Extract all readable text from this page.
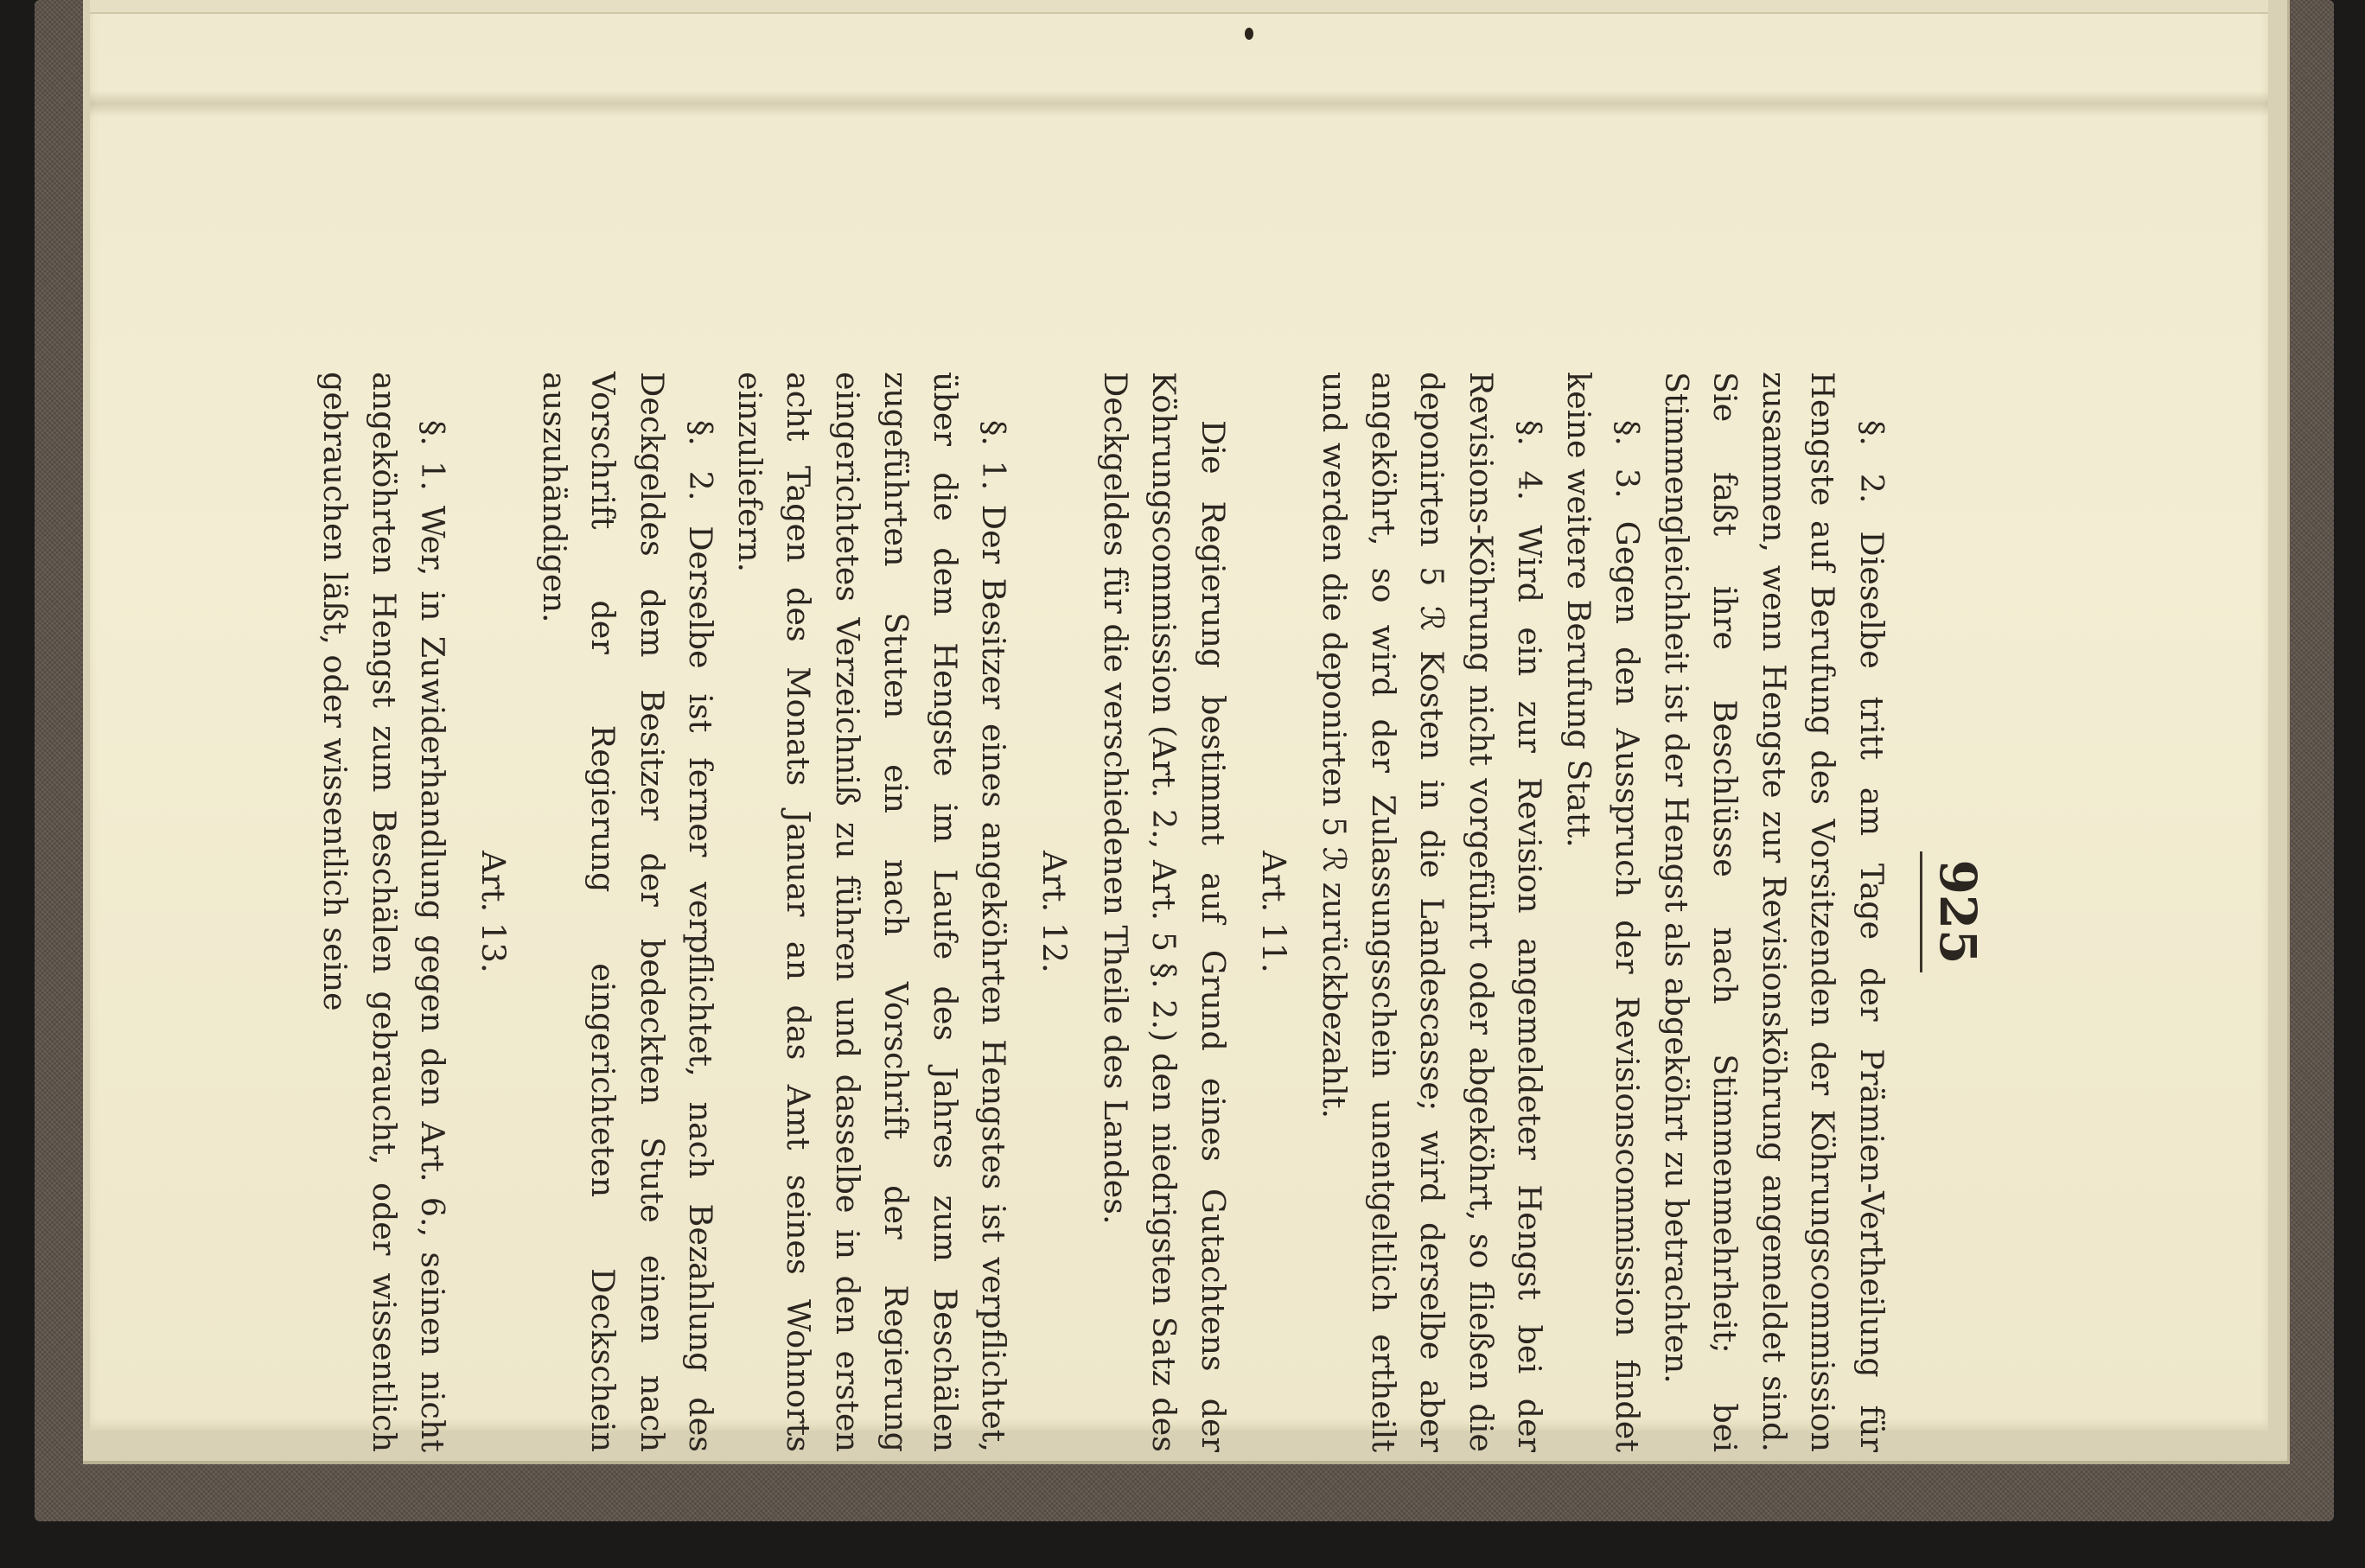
925

§. 2. Dieselbe tritt am Tage der Prämien-Vertheilung für Hengste auf Berufung des Vorsitzenden der Köhrungscommission zusammen, wenn Hengste zur Revisionsköhrung angemeldet sind. Sie faßt ihre Beschlüsse nach Stimmenmehrheit; bei Stimmengleichheit ist der Hengst als abgeköhrt zu betrachten.

§. 3. Gegen den Ausspruch der Revisionscommission findet keine weitere Berufung Statt.

§. 4. Wird ein zur Revision angemeldeter Hengst bei der Revisions-Köhrung nicht vorgeführt oder abgeköhrt, so fließen die deponirten 5 ℛ Kosten in die Landescasse; wird derselbe aber angeköhrt, so wird der Zulassungsschein unentgeltlich ertheilt und werden die deponirten 5 ℛ zurückbezahlt.

Art. 11.

Die Regierung bestimmt auf Grund eines Gutachtens der Köhrungscommission (Art. 2., Art. 5 §. 2.) den niedrigsten Satz des Deckgeldes für die verschiedenen Theile des Landes.

Art. 12.

§. 1. Der Besitzer eines angeköhrten Hengstes ist verpflichtet, über die dem Hengste im Laufe des Jahres zum Beschälen zugeführten Stuten ein nach Vorschrift der Regierung eingerichtetes Verzeichniß zu führen und dasselbe in den ersten acht Tagen des Monats Januar an das Amt seines Wohnorts einzuliefern.

§. 2. Derselbe ist ferner verpflichtet, nach Bezahlung des Deckgeldes dem Besitzer der bedeckten Stute einen nach Vorschrift der Regierung eingerichteten Deckschein auszuhändigen.

Art. 13.

§. 1. Wer, in Zuwiderhandlung gegen den Art. 6., seinen nicht angeköhrten Hengst zum Beschälen gebraucht, oder wissentlich gebrauchen läßt, oder wissentlich seine
